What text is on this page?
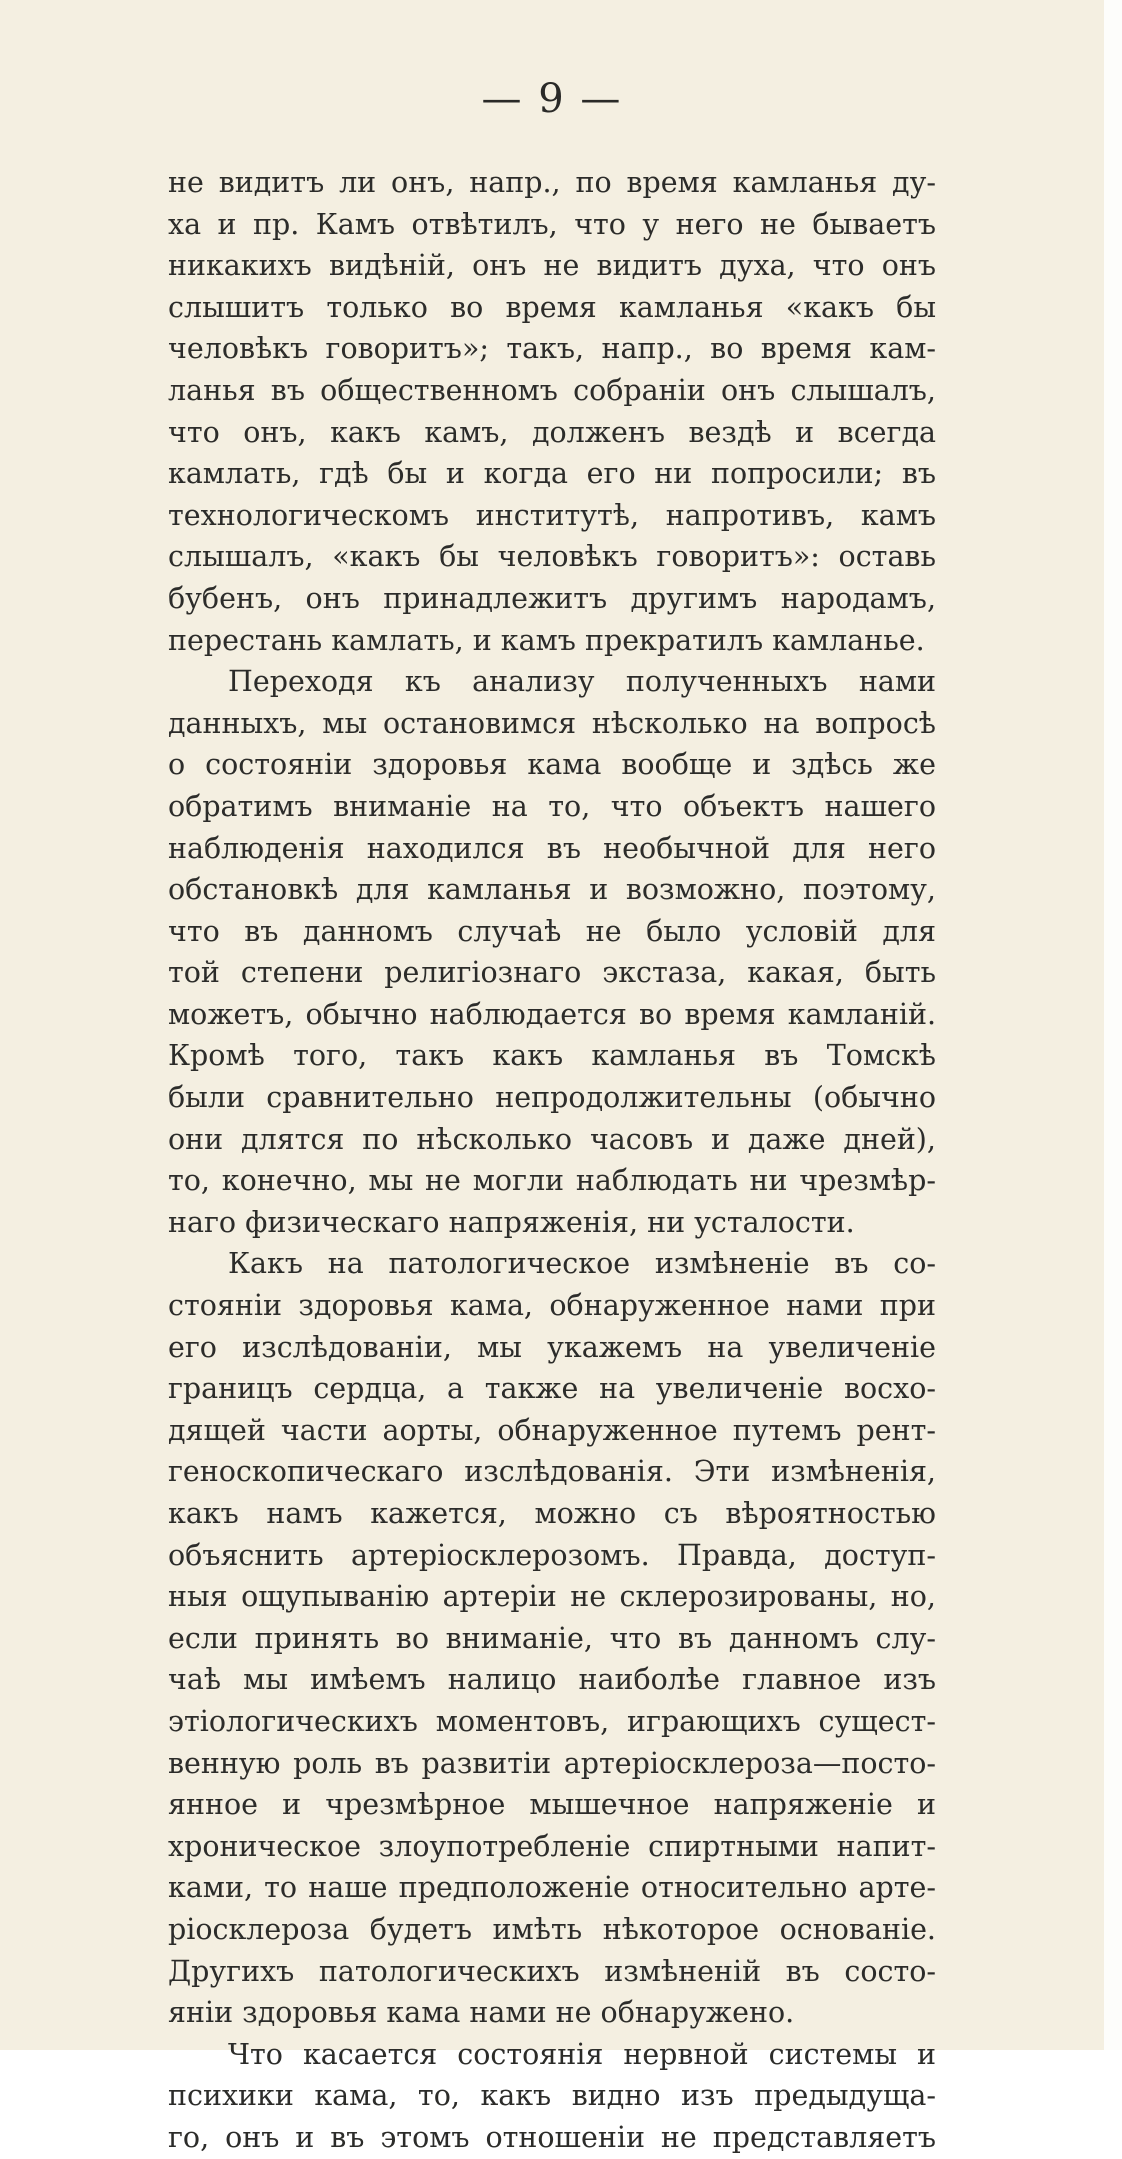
— 9 —
не видитъ ли онъ, напр., по время камланья ду-
ха и пр. Камъ отвѣтилъ, что у него не бываетъ
никакихъ видѣнiй, онъ не видитъ духа, что онъ
слышитъ только во время камланья «какъ бы
человѣкъ говоритъ»; такъ, напр., во время кам-
ланья въ общественномъ собранiи онъ слышалъ,
что онъ, какъ камъ, долженъ вездѣ и всегда
камлать, гдѣ бы и когда его ни попросили; въ
технологическомъ институтѣ, напротивъ, камъ
слышалъ, «какъ бы человѣкъ говоритъ»: оставь
бубенъ, онъ принадлежитъ другимъ народамъ,
перестань камлать, и камъ прекратилъ камланье.
Переходя къ анализу полученныхъ нами
данныхъ, мы остановимся нѣсколько на вопросѣ
о состоянiи здоровья кама вообще и здѣсь же
обратимъ вниманiе на то, что объектъ нашего
наблюденiя находился въ необычной для него
обстановкѣ для камланья и возможно, поэтому,
что въ данномъ случаѣ не было условiй для
той степени религiознаго экстаза, какая, быть
можетъ, обычно наблюдается во время камланiй.
Кромѣ того, такъ какъ камланья въ Томскѣ
были сравнительно непродолжительны (обычно
они длятся по нѣсколько часовъ и даже дней),
то, конечно, мы не могли наблюдать ни чрезмѣр-
наго физическаго напряженiя, ни усталости.
Какъ на патологическое измѣненiе въ со-
стоянiи здоровья кама, обнаруженное нами при
его изслѣдованiи, мы укажемъ на увеличенiе
границъ сердца, а также на увеличенiе восхо-
дящей части аорты, обнаруженное путемъ рент-
геноскопическаго изслѣдованiя. Эти измѣненiя,
какъ намъ кажется, можно съ вѣроятностью
объяснить артерiосклерозомъ. Правда, доступ-
ныя ощупыванiю артерiи не склерозированы, но,
если принять во вниманiе, что въ данномъ слу-
чаѣ мы имѣемъ налицо наиболѣе главное изъ
этiологическихъ моментовъ, играющихъ сущест-
венную роль въ развитiи артерiосклероза—посто-
янное и чрезмѣрное мышечное напряженiе и
хроническое злоупотребленiе спиртными напит-
ками, то наше предположенiе относительно арте-
рiосклероза будетъ имѣть нѣкоторое основанiе.
Другихъ патологическихъ измѣненiй въ состо-
янiи здоровья кама нами не обнаружено.
Что касается состоянiя нервной системы и
психики кама, то, какъ видно изъ предыдуща-
го, онъ и въ этомъ отношенiи не представляетъ
